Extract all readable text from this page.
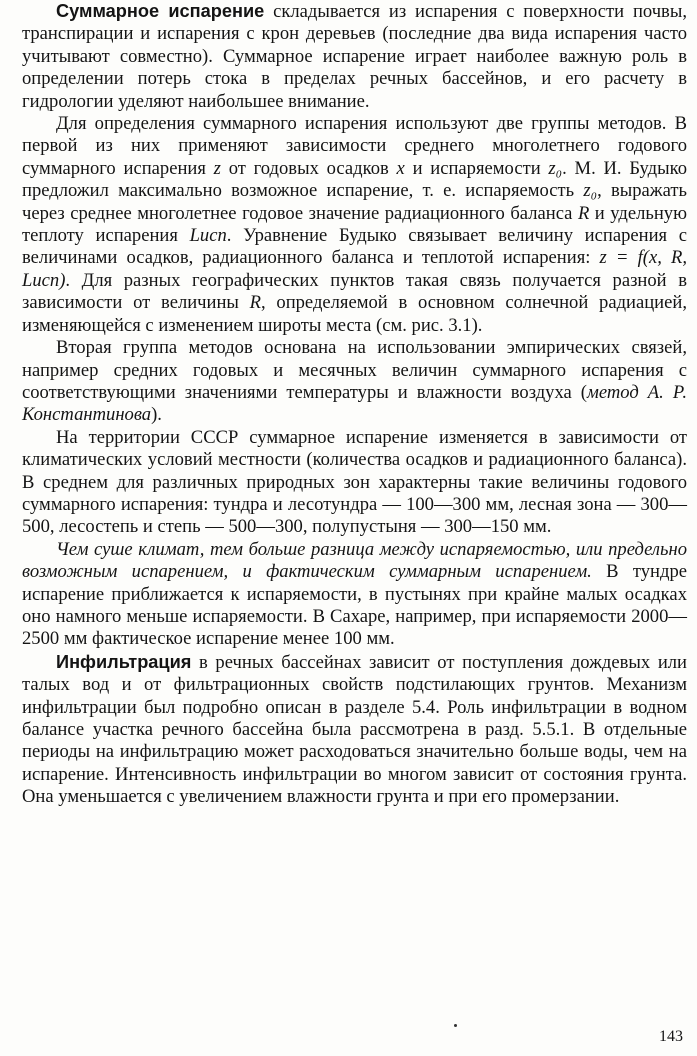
Суммарное испарение складывается из испарения с поверхности почвы, транспирации и испарения с крон деревьев (последние два вида испарения часто учитывают совместно). Суммарное испарение играет наиболее важную роль в определении потерь стока в пределах речных бассейнов, и его расчету в гидрологии уделяют наибольшее внимание.

Для определения суммарного испарения используют две группы методов. В первой из них применяют зависимости среднего многолетнего годового суммарного испарения z от годовых осадков x и испаряемости z₀. М. И. Будыко предложил максимально возможное испарение, т. е. испаряемость z₀, выражать через среднее многолетнее годовое значение радиационного баланса R и удельную теплоту испарения Lисп. Уравнение Будыко связывает величину испарения с величинами осадков, радиационного баланса и теплотой испарения: z = f(x, R, Lисп). Для разных географических пунктов такая связь получается разной в зависимости от величины R, определяемой в основном солнечной радиацией, изменяющейся с изменением широты места (см. рис. 3.1).

Вторая группа методов основана на использовании эмпирических связей, например средних годовых и месячных величин суммарного испарения с соответствующими значениями температуры и влажности воздуха (метод А. Р. Константинова).

На территории СССР суммарное испарение изменяется в зависимости от климатических условий местности (количества осадков и радиационного баланса). В среднем для различных природных зон характерны такие величины годового суммарного испарения: тундра и лесотундра — 100—300 мм, лесная зона — 300—500, лесостепь и степь — 500—300, полупустыня — 300—150 мм.

Чем суше климат, тем больше разница между испаряемостью, или предельно возможным испарением, и фактическим суммарным испарением. В тундре испарение приближается к испаряемости, в пустынях при крайне малых осадках оно намного меньше испаряемости. В Сахаре, например, при испаряемости 2000—2500 мм фактическое испарение менее 100 мм.

Инфильтрация в речных бассейнах зависит от поступления дождевых или талых вод и от фильтрационных свойств подстилающих грунтов. Механизм инфильтрации был подробно описан в разделе 5.4. Роль инфильтрации в водном балансе участка речного бассейна была рассмотрена в разд. 5.5.1. В отдельные периоды на инфильтрацию может расходоваться значительно больше воды, чем на испарение. Интенсивность инфильтрации во многом зависит от состояния грунта. Она уменьшается с увеличением влажности грунта и при его промерзании.

143
